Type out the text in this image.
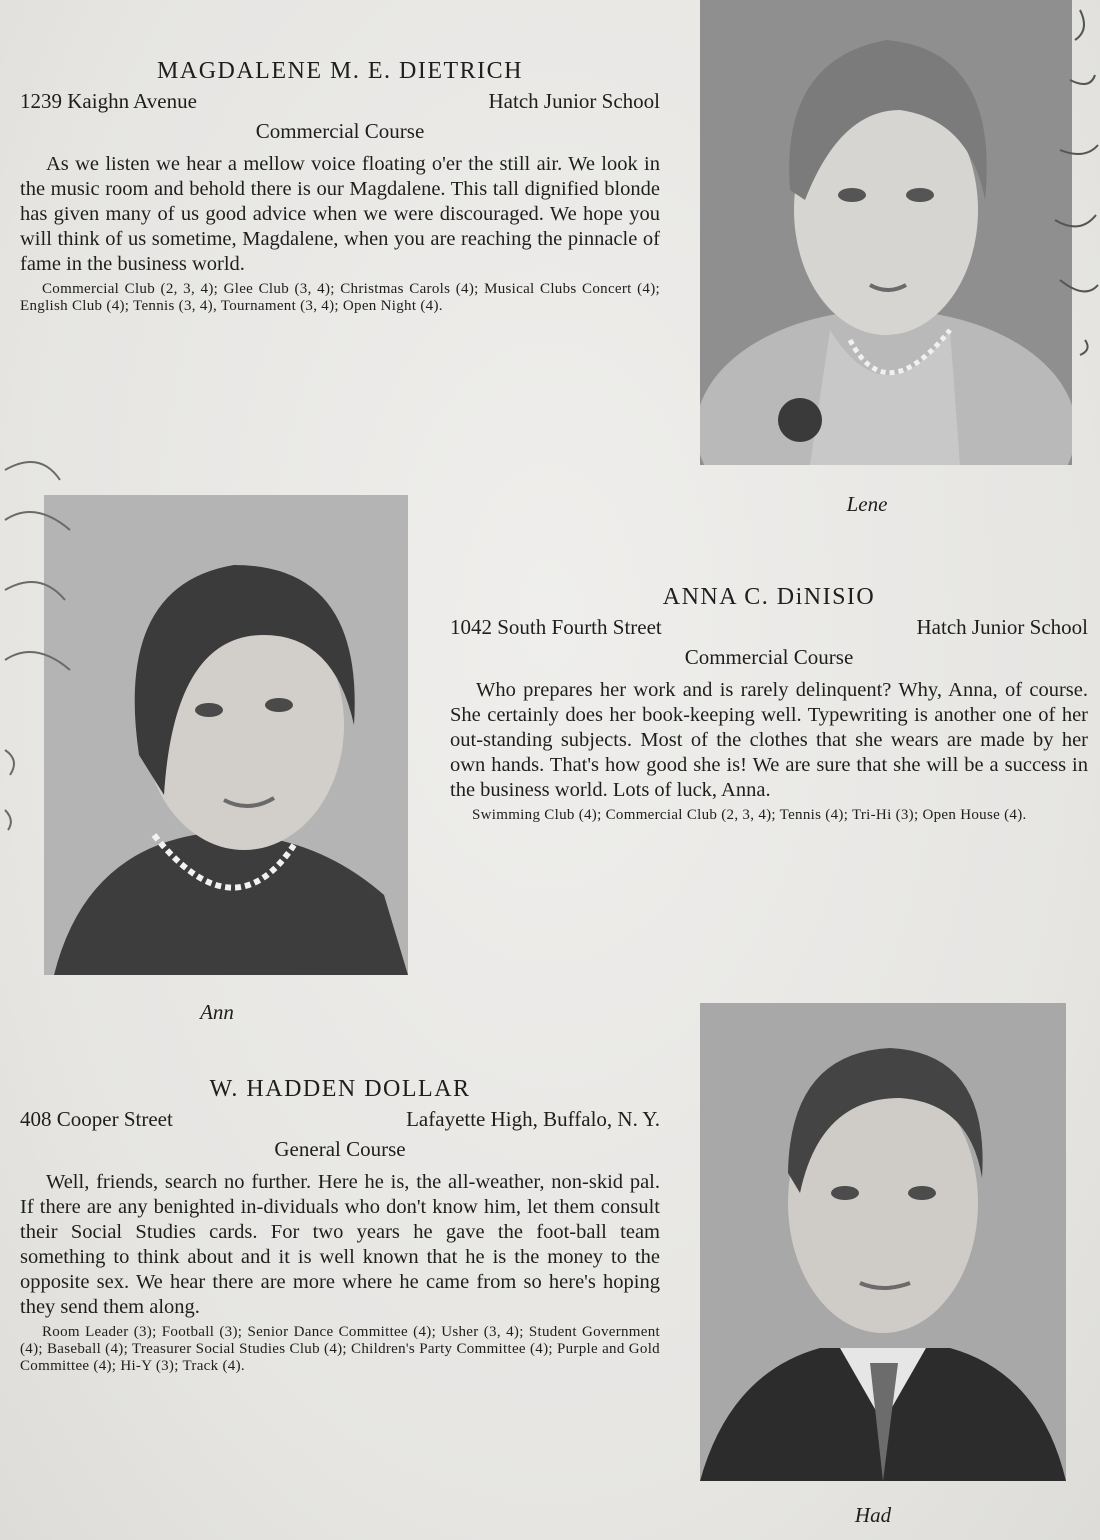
MAGDALENE M. E. DIETRICH
1239 Kaighn Avenue	Hatch Junior School
Commercial Course

As we listen we hear a mellow voice floating o'er the still air. We look in the music room and behold there is our Magdalene. This tall dignified blonde has given many of us good advice when we were discouraged. We hope you will think of us sometime, Magdalene, when you are reaching the pinnacle of fame in the business world.

Commercial Club (2, 3, 4); Glee Club (3, 4); Christmas Carols (4); Musical Clubs Concert (4); English Club (4); Tennis (3, 4), Tournament (3, 4); Open Night (4).

Lene
Ann
ANNA C. DiNISIO
1042 South Fourth Street	Hatch Junior School
Commercial Course

Who prepares her work and is rarely delinquent? Why, Anna, of course. She certainly does her book-keeping well. Typewriting is another one of her out-standing subjects. Most of the clothes that she wears are made by her own hands. That's how good she is! We are sure that she will be a success in the business world. Lots of luck, Anna.

Swimming Club (4); Commercial Club (2, 3, 4); Tennis (4); Tri-Hi (3); Open House (4).

W. HADDEN DOLLAR
408 Cooper Street	Lafayette High, Buffalo, N. Y.
General Course

Well, friends, search no further. Here he is, the all-weather, non-skid pal. If there are any benighted in-dividuals who don't know him, let them consult their Social Studies cards. For two years he gave the foot-ball team something to think about and it is well known that he is the money to the opposite sex. We hear there are more where he came from so here's hoping they send them along.

Room Leader (3); Football (3); Senior Dance Committee (4); Usher (3, 4); Student Government (4); Baseball (4); Treasurer Social Studies Club (4); Children's Party Committee (4); Purple and Gold Committee (4); Hi-Y (3); Track (4).

Had
